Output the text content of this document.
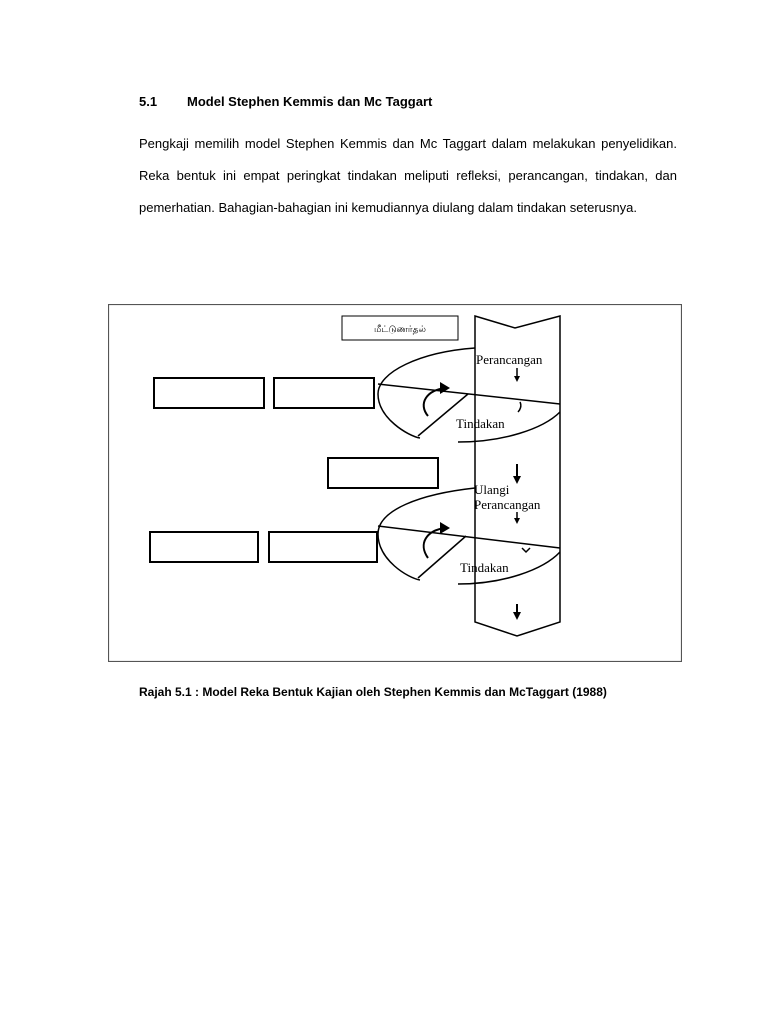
5.1 Model Stephen Kemmis dan Mc Taggart

Pengkaji memilih model Stephen Kemmis dan Mc Taggart dalam melakukan penyelidikan. Reka bentuk ini empat peringkat tindakan meliputi refleksi, perancangan, tindakan, dan pemerhatian. Bahagian-bahagian ini kemudiannya diulang dalam tindakan seterusnya.

மீட்டுணர்தல்
Perancangan
Tindakan
Ulangi
Perancangan
Tindakan
Rajah 5.1 : Model Reka Bentuk Kajian oleh Stephen Kemmis dan McTaggart (1988)
